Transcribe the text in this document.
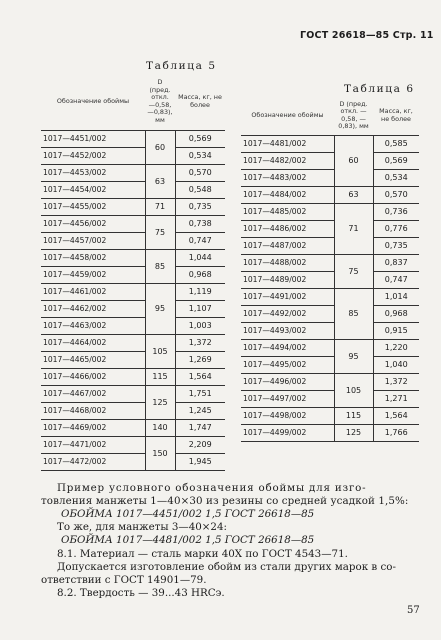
ГОСТ 26618—85 Стр. 11
Таблица 5
Таблица 6
Обозначение обоймы	D (пред. откл. —0,58, —0,83), мм	Масса, кг, не более
1017—4451/002	60	0,569
1017—4452/002		0,534
1017—4453/002	63	0,570
1017—4454/002		0,548
1017—4455/002	71	0,735
1017—4456/002	75	0,738
1017—4457/002		0,747
1017—4458/002	85	1,044
1017—4459/002		0,968
1017—4461/002	95	1,119
1017—4462/002		1,107
1017—4463/002		1,003
1017—4464/002	105	1,372
1017—4465/002		1,269
1017—4466/002	115	1,564
1017—4467/002	125	1,751
1017—4468/002		1,245
1017—4469/002	140	1,747
1017—4471/002	150	2,209
1017—4472/002		1,945
Обозначение обоймы	D (пред. откл. —0,58, —0,83), мм	Масса, кг, не более
1017—4481/002	60	0,585
1017—4482/002		0,569
1017—4483/002		0,534
1017—4484/002	63	0,570
1017—4485/002	71	0,736
1017—4486/002		0,776
1017—4487/002		0,735
1017—4488/002	75	0,837
1017—4489/002		0,747
1017—4491/002	85	1,014
1017—4492/002		0,968
1017—4493/002		0,915
1017—4494/002	95	1,220
1017—4495/002		1,040
1017—4496/002	105	1,372
1017—4497/002		1,271
1017—4498/002	115	1,564
1017—4499/002	125	1,766
Пример условного обозначения обоймы для изго-
товления манжеты 1—40×30 из резины со средней усадкой 1,5%:
ОБОЙМА 1017—4451/002 1,5 ГОСТ 26618—85
То же, для манжеты 3—40×24:
ОБОЙМА 1017—4481/002 1,5 ГОСТ 26618—85
8.1. Материал — сталь марки 40Х по ГОСТ 4543—71.
Допускается изготовление обойм из стали других марок в со-
ответствии с ГОСТ 14901—79.
8.2. Твердость — 39...43 HRCэ.
57
